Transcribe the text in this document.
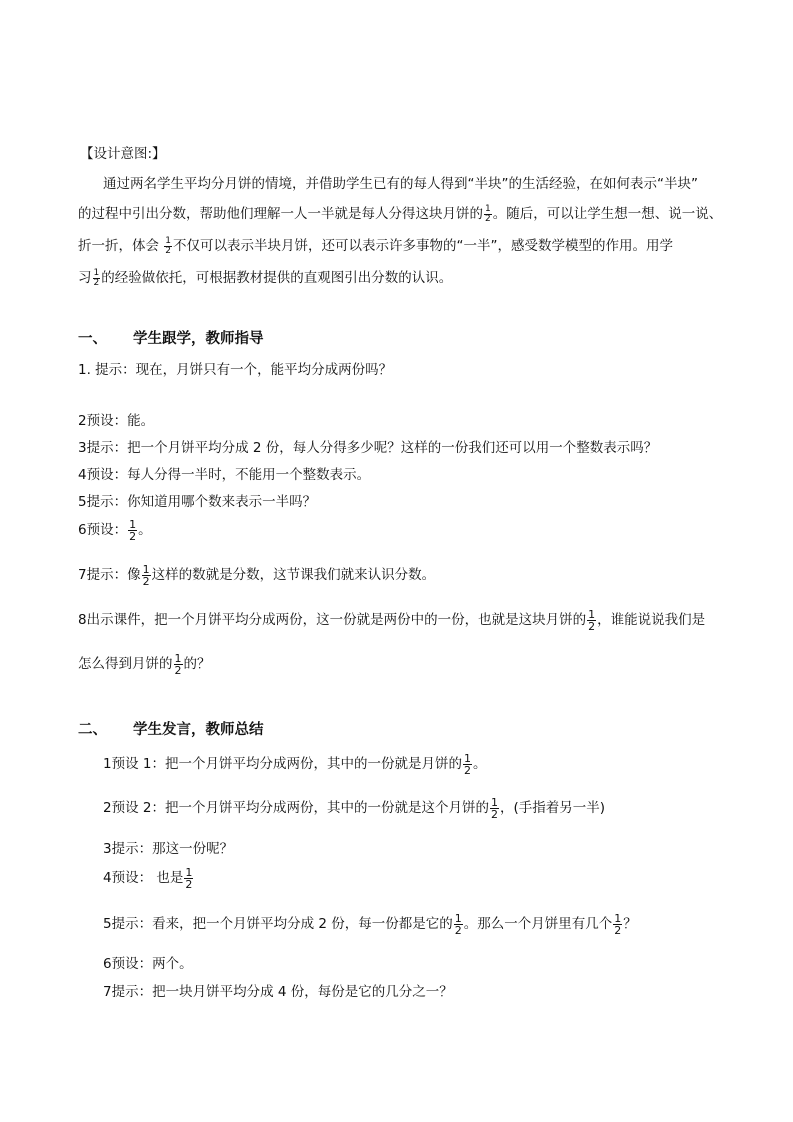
【设计意图:】
通过两名学生平均分月饼的情境，并借助学生已有的每人得到“半块”的生活经验，在如何表示“半块”
的过程中引出分数，帮助他们理解一人一半就是每人分得这块月饼的 $\frac{1}{2}$ 。随后，可以让学生想一想、说一说、
折一折，体会 $\frac{1}{2}$ 不仅可以表示半块月饼，还可以表示许多事物的“一半”，感受数学模型的作用。用学
习 $\frac{1}{2}$ 的经验做依托，可根据教材提供的直观图引出分数的认识。
一、 学生跟学，教师指导
1. 提示：现在，月饼只有一个，能平均分成两份吗？
2预设：能。
3提示：把一个月饼平均分成 2 份，每人分得多少呢？这样的一份我们还可以用一个整数表示吗？
4预设：每人分得一半时，不能用一个整数表示。
5提示：你知道用哪个数来表示一半吗？
6预设： $\frac{1}{2}$ 。
7提示：像 $\frac{1}{2}$ 这样的数就是分数，这节课我们就来认识分数。
8出示课件，把一个月饼平均分成两份，这一份就是两份中的一份，也就是这块月饼的 $\frac{1}{2}$ ，谁能说说我们是
怎么得到月饼的 $\frac{1}{2}$ 的？
二、 学生发言，教师总结
1预设 1：把一个月饼平均分成两份，其中的一份就是月饼的 $\frac{1}{2}$ 。
2预设 2：把一个月饼平均分成两份，其中的一份就是这个月饼的 $\frac{1}{2}$ ，(手指着另一半)
3提示：那这一份呢？
4预设： 也是 $\frac{1}{2}$
5提示：看来，把一个月饼平均分成 2 份，每一份都是它的 $\frac{1}{2}$ 。那么一个月饼里有几个 $\frac{1}{2}$ ？
6预设：两个。
7提示：把一块月饼平均分成 4 份，每份是它的几分之一？
